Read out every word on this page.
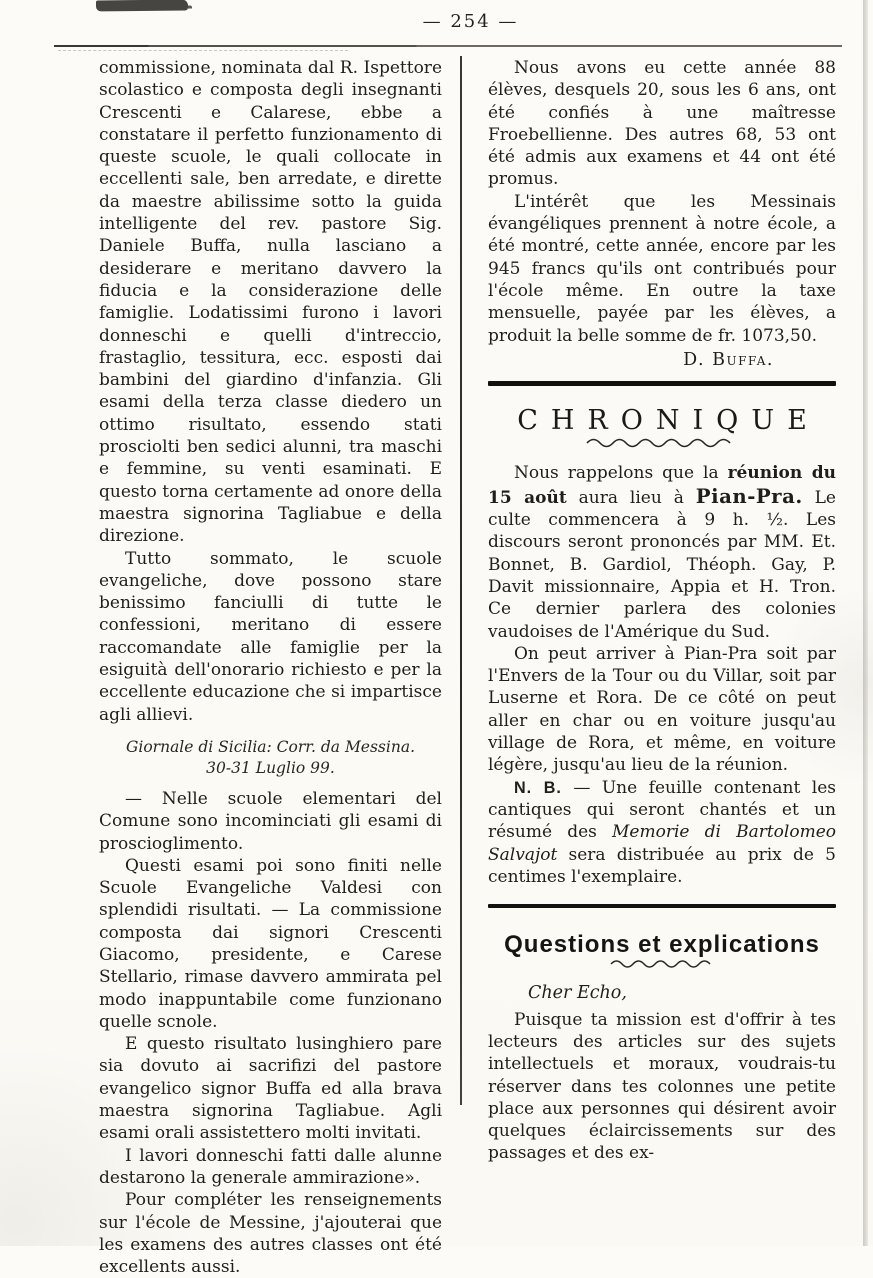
— 254 —

commissione, nominata dal R. Ispettore scolastico e composta degli insegnanti Crescenti e Calarese, ebbe a constatare il perfetto funzionamento di queste scuole, le quali collocate in eccellenti sale, ben arredate, e dirette da maestre abilissime sotto la guida intelligente del rev. pastore Sig. Daniele Buffa, nulla lasciano a desiderare e meritano davvero la fiducia e la considerazione delle famiglie. Lodatissimi furono i lavori donneschi e quelli d'intreccio, frastaglio, tessitura, ecc. esposti dai bambini del giardino d'infanzia. Gli esami della terza classe diedero un ottimo risultato, essendo stati prosciolti ben sedici alunni, tra maschi e femmine, su venti esaminati. E questo torna certamente ad onore della maestra signorina Tagliabue e della direzione.

Tutto sommato, le scuole evangeliche, dove possono stare benissimo fanciulli di tutte le confessioni, meritano di essere raccomandate alle famiglie per la esiguità dell'onorario richiesto e per la eccellente educazione che si impartisce agli allievi.

Giornale di Sicilia: Corr. da Messina.
30-31 Luglio 99.

— Nelle scuole elementari del Comune sono incominciati gli esami di proscioglimento.

Questi esami poi sono finiti nelle Scuole Evangeliche Valdesi con splendidi risultati. — La commissione composta dai signori Crescenti Giacomo, presidente, e Carese Stellario, rimase davvero ammirata pel modo inappuntabile come funzionano quelle scnole.

E questo risultato lusinghiero pare sia dovuto ai sacrifizi del pastore evangelico signor Buffa ed alla brava maestra signorina Tagliabue. Agli esami orali assistettero molti invitati.

I lavori donneschi fatti dalle alunne destarono la generale ammirazione».

Pour compléter les renseignements sur l'école de Messine, j'ajouterai que les examens des autres classes ont été excellents aussi.

Nous avons eu cette année 88 élèves, desquels 20, sous les 6 ans, ont été confiés à une maîtresse Froebellienne. Des autres 68, 53 ont été admis aux examens et 44 ont été promus.

L'intérêt que les Messinais évangéliques prennent à notre école, a été montré, cette année, encore par les 945 francs qu'ils ont contribués pour l'école même. En outre la taxe mensuelle, payée par les élèves, a produit la belle somme de fr. 1073,50.

D. Buffa.
CHRONIQUE

Nous rappelons que la réunion du 15 août aura lieu à Pian-Pra. Le culte commencera à 9 h. ½. Les discours seront prononcés par MM. Et. Bonnet, B. Gardiol, Théoph. Gay, P. Davit missionnaire, Appia et H. Tron. Ce dernier parlera des colonies vaudoises de l'Amérique du Sud.

On peut arriver à Pian-Pra soit par l'Envers de la Tour ou du Villar, soit par Luserne et Rora. De ce côté on peut aller en char ou en voiture jusqu'au village de Rora, et même, en voiture légère, jusqu'au lieu de la réunion.

N. B. — Une feuille contenant les cantiques qui seront chantés et un résumé des Memorie di Bartolomeo Salvajot sera distribuée au prix de 5 centimes l'exemplaire.

Questions et explications

Cher Echo,

Puisque ta mission est d'offrir à tes lecteurs des articles sur des sujets intellectuels et moraux, voudrais-tu réserver dans tes colonnes une petite place aux personnes qui désirent avoir quelques éclaircissements sur des passages et des ex-
